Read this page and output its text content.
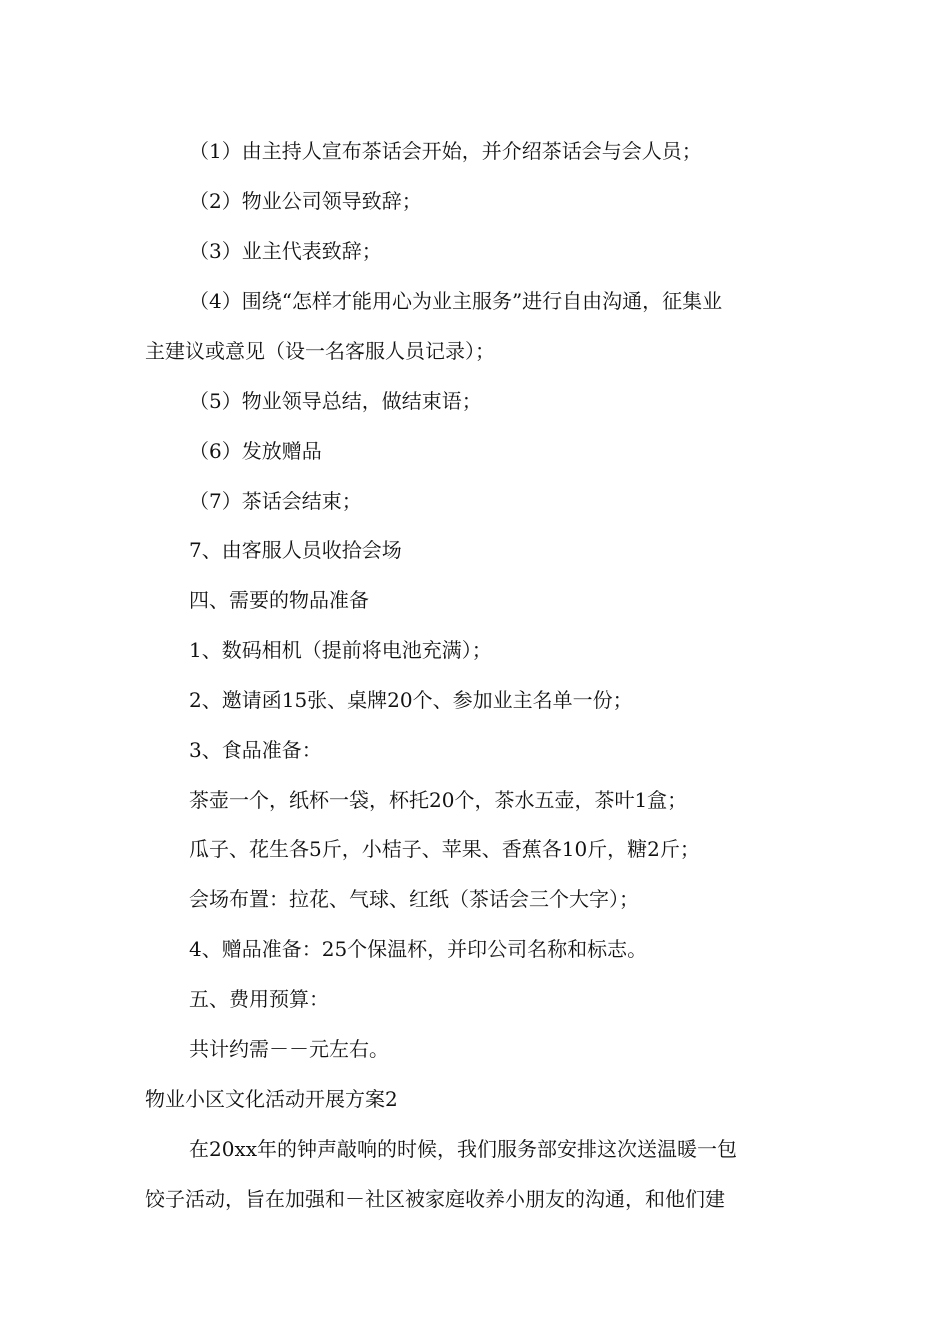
（1）由主持人宣布茶话会开始，并介绍茶话会与会人员；
（2）物业公司领导致辞；
（3）业主代表致辞；
（4）围绕“怎样才能用心为业主服务”进行自由沟通，征集业
主建议或意见（设一名客服人员记录）；
（5）物业领导总结，做结束语；
（6）发放赠品
（7）茶话会结束；
7、由客服人员收拾会场
四、需要的物品准备
1、数码相机（提前将电池充满）；
2、邀请函15张、桌牌20个、参加业主名单一份；
3、食品准备：
茶壶一个，纸杯一袋，杯托20个，茶水五壶，茶叶1盒；
瓜子、花生各5斤，小桔子、苹果、香蕉各10斤，糖2斤；
会场布置：拉花、气球、红纸（茶话会三个大字）；
4、赠品准备：25个保温杯，并印公司名称和标志。
五、费用预算：
共计约需－－元左右。
物业小区文化活动开展方案2
在20xx年的钟声敲响的时候，我们服务部安排这次送温暖一包
饺子活动，旨在加强和－社区被家庭收养小朋友的沟通，和他们建
